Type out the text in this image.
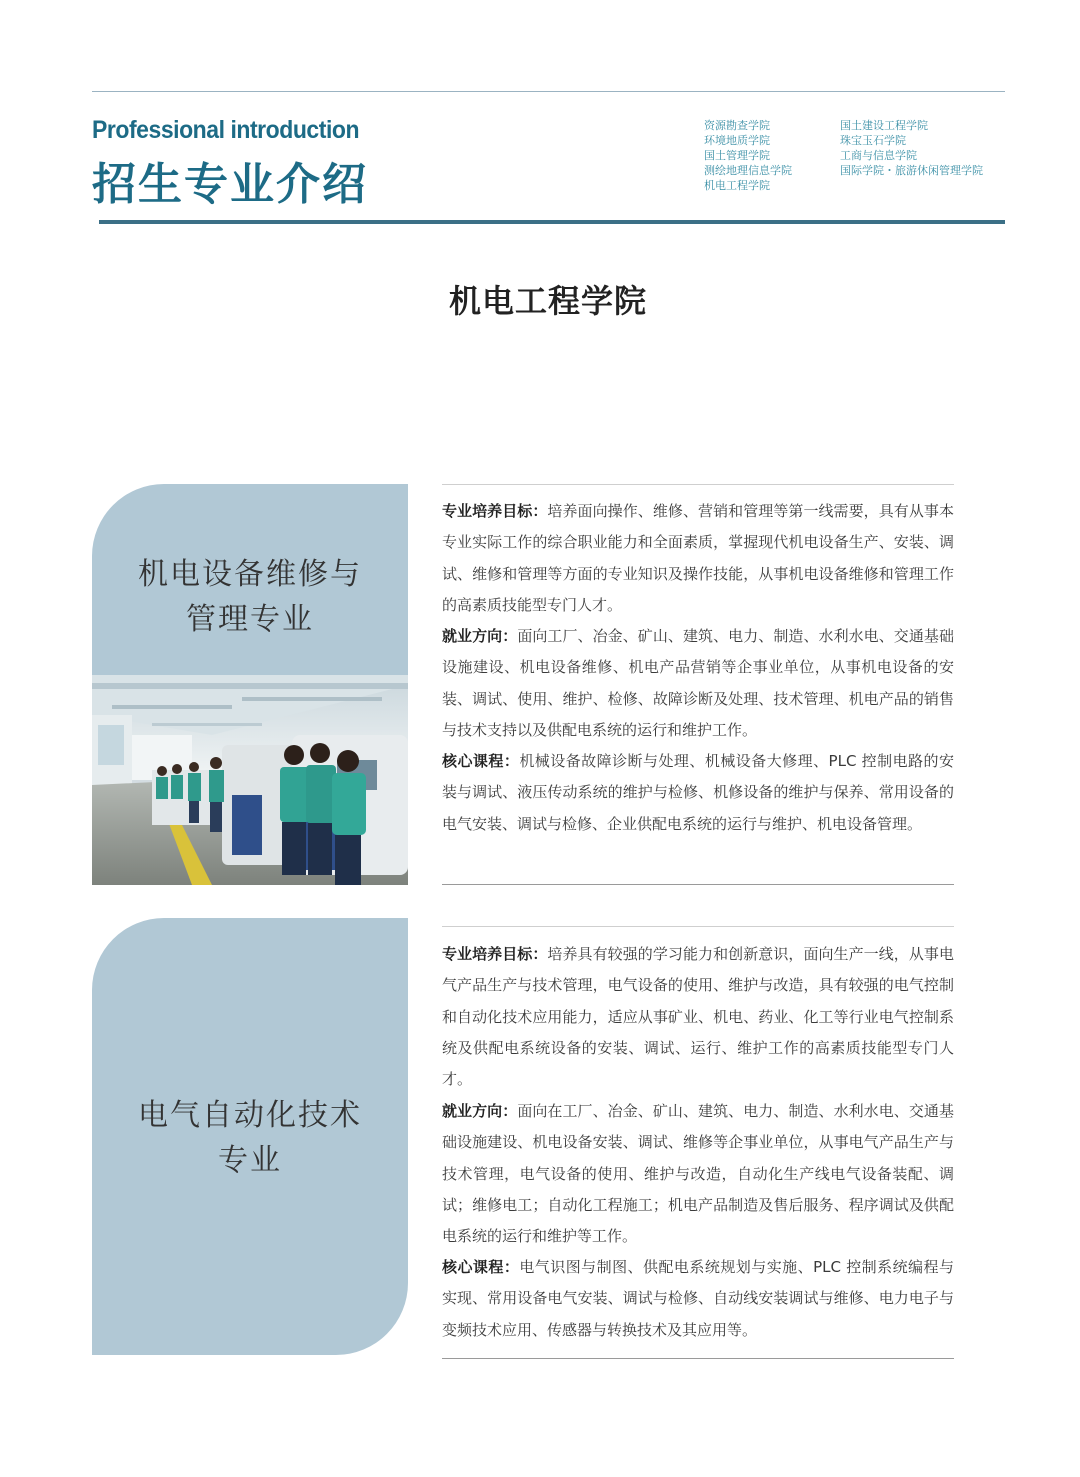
Professional introduction
招生专业介绍
资源勘查学院
环境地质学院
国土管理学院
测绘地理信息学院
机电工程学院
国土建设工程学院
珠宝玉石学院
工商与信息学院
国际学院・旅游休闲管理学院
机电工程学院
机电设备维修与
管理专业
专业培养目标：培养面向操作、维修、营销和管理等第一线需要，具有从事本专业实际工作的综合职业能力和全面素质，掌握现代机电设备生产、安装、调试、维修和管理等方面的专业知识及操作技能，从事机电设备维修和管理工作的高素质技能型专门人才。
就业方向：面向工厂、冶金、矿山、建筑、电力、制造、水利水电、交通基础设施建设、机电设备维修、机电产品营销等企事业单位，从事机电设备的安装、调试、使用、维护、检修、故障诊断及处理、技术管理、机电产品的销售与技术支持以及供配电系统的运行和维护工作。
核心课程：机械设备故障诊断与处理、机械设备大修理、PLC 控制电路的安装与调试、液压传动系统的维护与检修、机修设备的维护与保养、常用设备的电气安装、调试与检修、企业供配电系统的运行与维护、机电设备管理。
电气自动化技术
专业
专业培养目标：培养具有较强的学习能力和创新意识，面向生产一线，从事电气产品生产与技术管理，电气设备的使用、维护与改造，具有较强的电气控制和自动化技术应用能力，适应从事矿业、机电、药业、化工等行业电气控制系统及供配电系统设备的安装、调试、运行、维护工作的高素质技能型专门人才。
就业方向：面向在工厂、冶金、矿山、建筑、电力、制造、水利水电、交通基础设施建设、机电设备安装、调试、维修等企事业单位，从事电气产品生产与技术管理，电气设备的使用、维护与改造，自动化生产线电气设备装配、调试；维修电工；自动化工程施工；机电产品制造及售后服务、程序调试及供配电系统的运行和维护等工作。
核心课程：电气识图与制图、供配电系统规划与实施、PLC 控制系统编程与实现、常用设备电气安装、调试与检修、自动线安装调试与维修、电力电子与变频技术应用、传感器与转换技术及其应用等。
